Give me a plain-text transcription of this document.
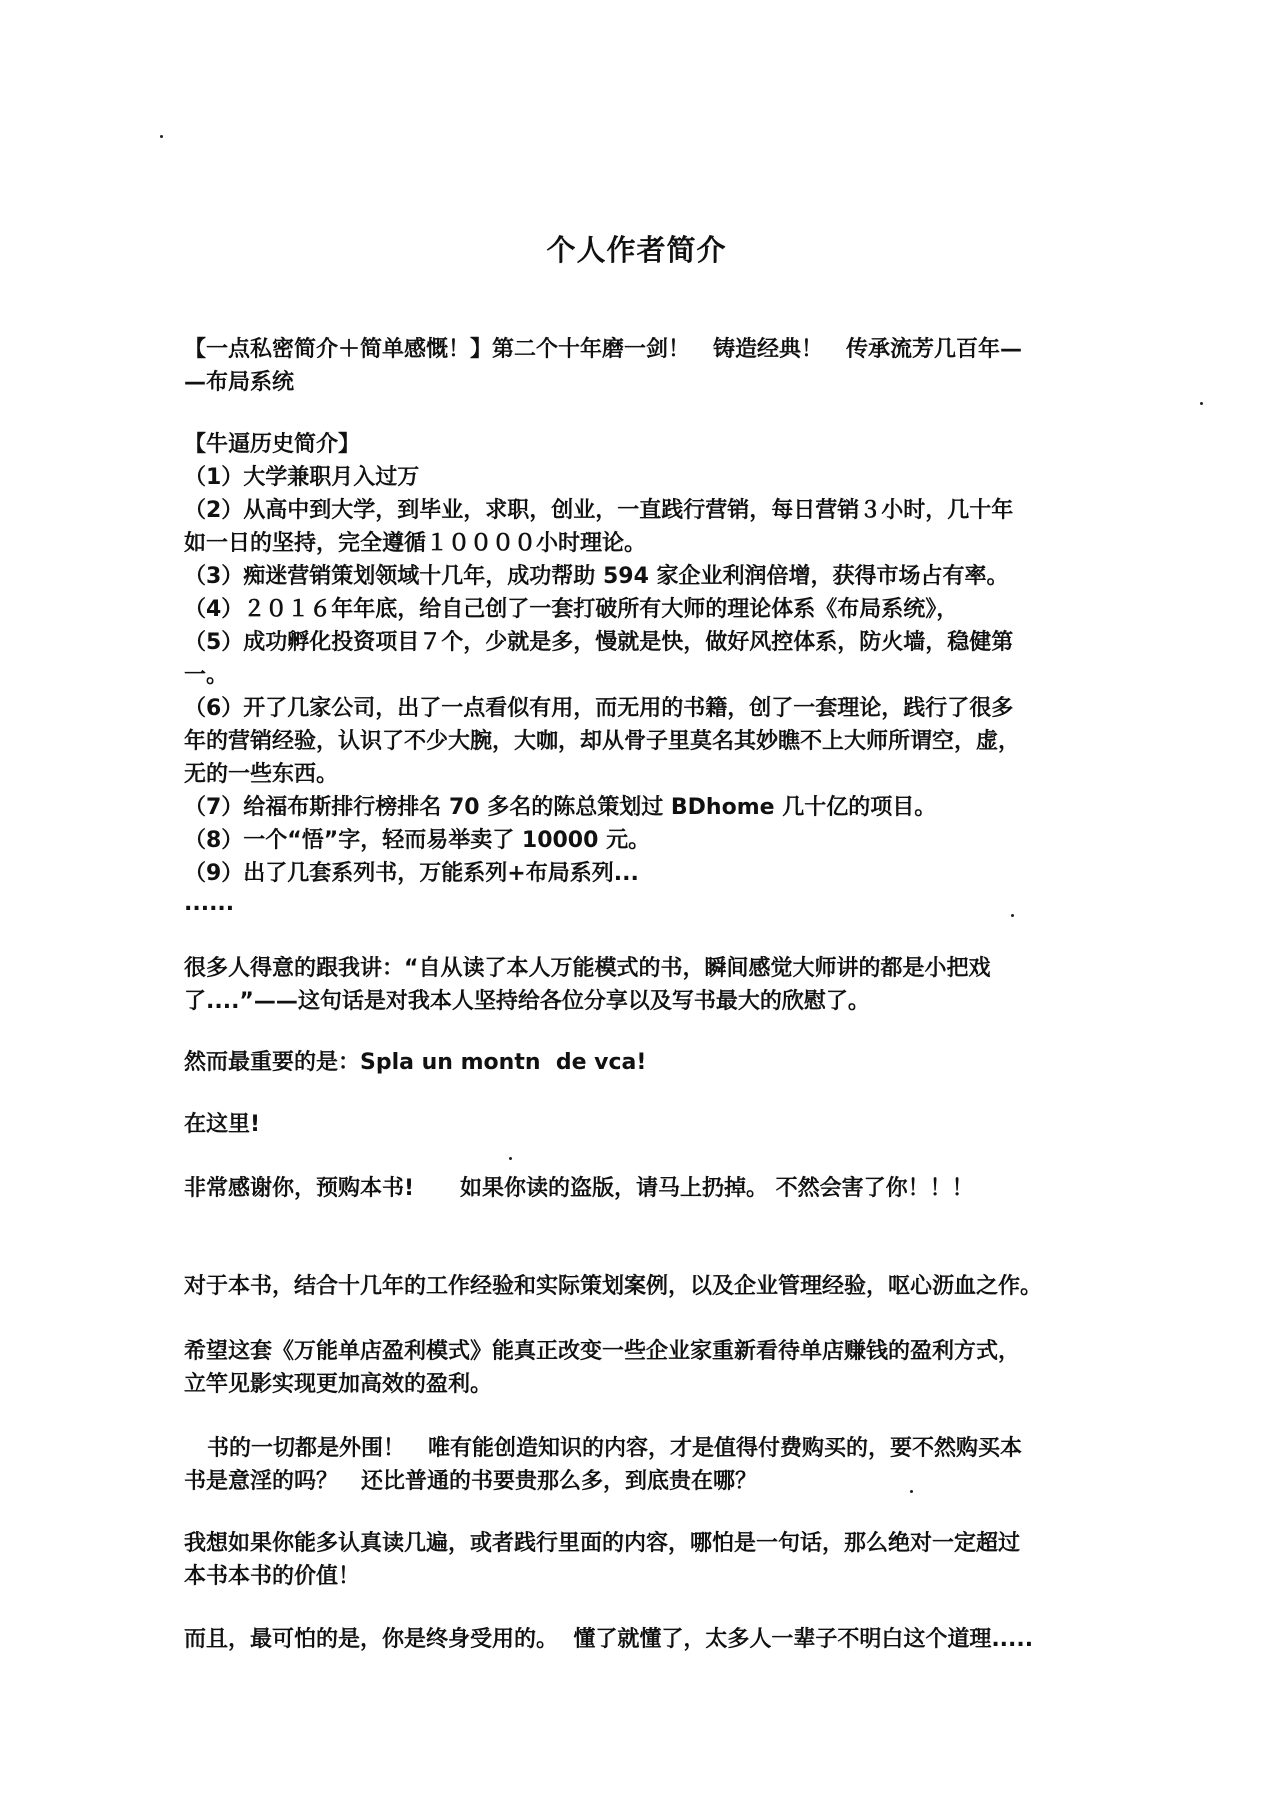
个人作者简介
【一点私密简介＋简单感慨！】第二个十年磨一剑！   铸造经典！   传承流芳几百年—
—布局系统
【牛逼历史简介】
（1）大学兼职月入过万
（2）从高中到大学，到毕业，求职，创业，一直践行营销，每日营销３小时，几十年
如一日的坚持，完全遵循１００００小时理论。
（3）痴迷营销策划领域十几年，成功帮助 594 家企业利润倍增，获得市场占有率。
（4）２０１６年年底，给自己创了一套打破所有大师的理论体系《布局系统》，
（5）成功孵化投资项目７个，少就是多，慢就是快，做好风控体系，防火墙，稳健第
一。
（6）开了几家公司，出了一点看似有用，而无用的书籍，创了一套理论，践行了很多
年的营销经验，认识了不少大腕，大咖，却从骨子里莫名其妙瞧不上大师所谓空，虚，
无的一些东西。
（7）给福布斯排行榜排名 70 多名的陈总策划过 BDhome 几十亿的项目。
（8）一个“悟”字，轻而易举卖了 10000 元。
（9）出了几套系列书，万能系列+布局系列...
......
很多人得意的跟我讲：“自从读了本人万能模式的书，瞬间感觉大师讲的都是小把戏
了....”——这句话是对我本人坚持给各位分享以及写书最大的欣慰了。
然而最重要的是：Spla un montn  de vca!
在这里!
非常感谢你，预购本书!      如果你读的盗版，请马上扔掉。 不然会害了你！！！
对于本书，结合十几年的工作经验和实际策划案例，以及企业管理经验，呕心沥血之作。
希望这套《万能单店盈利模式》能真正改变一些企业家重新看待单店赚钱的盈利方式，
立竿见影实现更加高效的盈利。
书的一切都是外围！   唯有能创造知识的内容，才是值得付费购买的，要不然购买本
书是意淫的吗？   还比普通的书要贵那么多，到底贵在哪？
我想如果你能多认真读几遍，或者践行里面的内容，哪怕是一句话，那么绝对一定超过
本书本书的价值！
而且，最可怕的是，你是终身受用的。  懂了就懂了，太多人一辈子不明白这个道理.....
